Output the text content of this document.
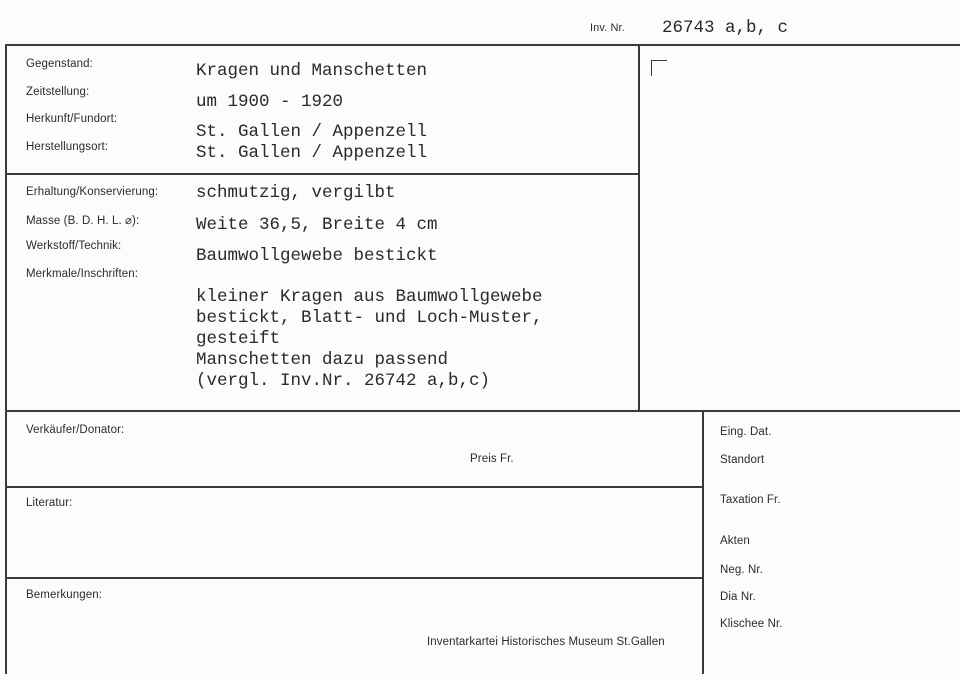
Inv. Nr. 26743 a,b, c
Gegenstand:
Zeitstellung:
Herkunft/Fundort:
Herstellungsort:
Kragen und Manschetten
um 1900 - 1920
St. Gallen / Appenzell
St. Gallen / Appenzell
Erhaltung/Konservierung:
Masse (B. D. H. L. ⌀):
Werkstoff/Technik:
Merkmale/Inschriften:
schmutzig, vergilbt
Weite 36,5, Breite 4 cm
Baumwollgewebe bestickt
kleiner Kragen aus Baumwollgewebe
bestickt, Blatt- und Loch-Muster,
gesteift
Manschetten dazu passend
(vergl. Inv.Nr. 26742 a,b,c)
Verkäufer/Donator:
Preis Fr.
Literatur:
Bemerkungen:
Inventarkartei Historisches Museum St.Gallen
Eing. Dat.
Standort
Taxation Fr.
Akten
Neg. Nr.
Dia Nr.
Klischee Nr.
